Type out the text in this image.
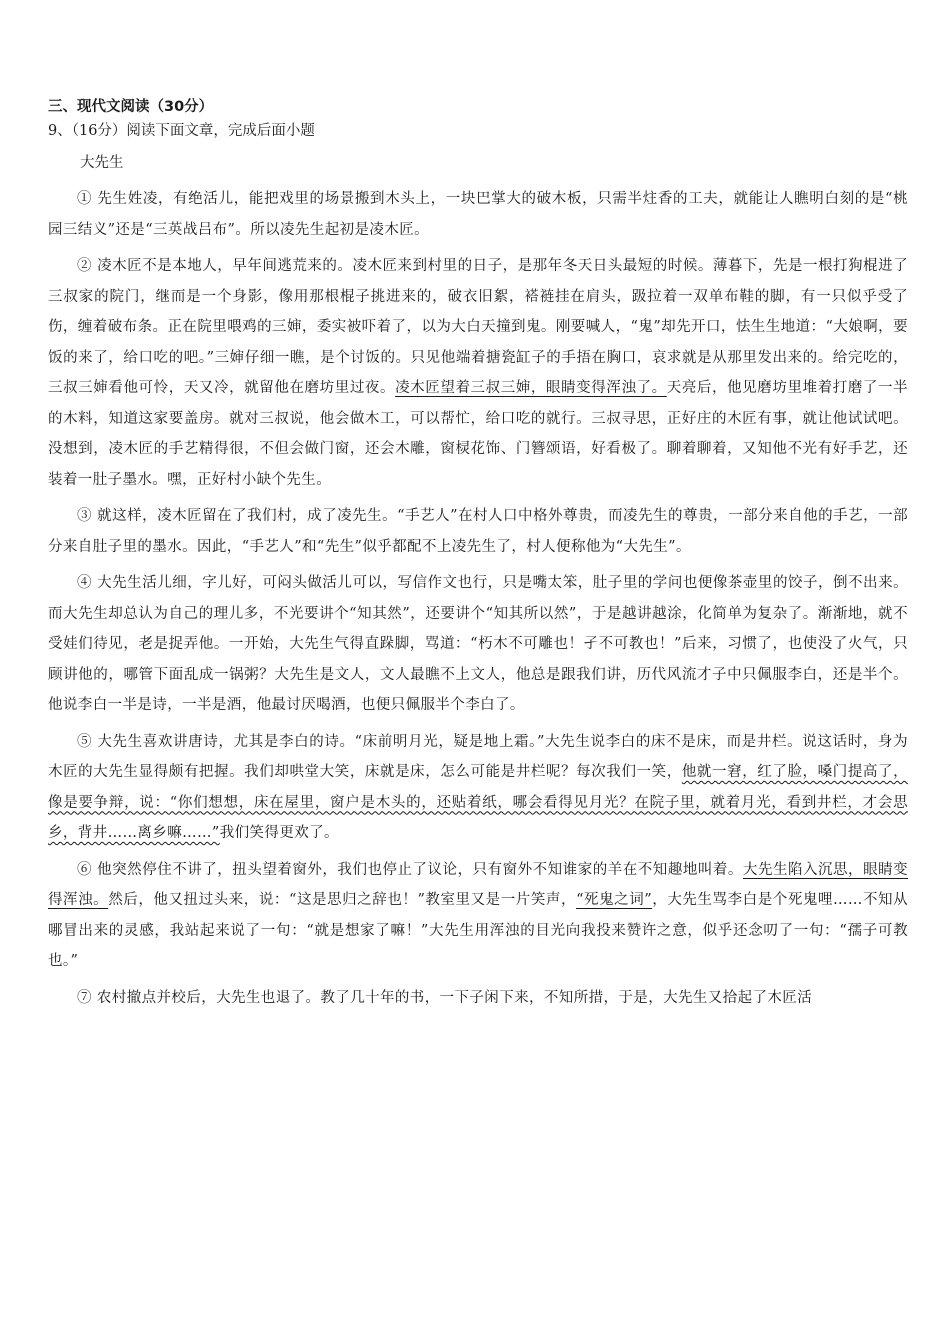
三、现代文阅读（30分）

9、（16分）阅读下面文章，完成后面小题

大先生

① 先生姓凌，有绝活儿，能把戏里的场景搬到木头上，一块巴掌大的破木板，只需半炷香的工夫，就能让人瞧明白刻的是“桃园三结义”还是“三英战吕布”。所以凌先生起初是凌木匠。

② 凌木匠不是本地人，早年间逃荒来的。凌木匠来到村里的日子，是那年冬天日头最短的时候。薄暮下，先是一根打狗棍进了三叔家的院门，继而是一个身影，像用那根棍子挑进来的，破衣旧絮，褡裢挂在肩头，趿拉着一双单布鞋的脚，有一只似乎受了伤，缠着破布条。正在院里喂鸡的三婶，委实被吓着了，以为大白天撞到鬼。刚要喊人，“鬼”却先开口，怯生生地道：“大娘啊，要饭的来了，给口吃的吧。”三婶仔细一瞧，是个讨饭的。只见他端着搪瓷缸子的手捂在胸口，哀求就是从那里发出来的。给完吃的，三叔三婶看他可怜，天又冷，就留他在磨坊里过夜。凌木匠望着三叔三婶，眼睛变得浑浊了。天亮后，他见磨坊里堆着打磨了一半的木料，知道这家要盖房。就对三叔说，他会做木工，可以帮忙，给口吃的就行。三叔寻思，正好庄的木匠有事，就让他试试吧。没想到，凌木匠的手艺精得很，不但会做门窗，还会木雕，窗棂花饰、门簪颂语，好看极了。聊着聊着，又知他不光有好手艺，还装着一肚子墨水。嘿，正好村小缺个先生。

③ 就这样，凌木匠留在了我们村，成了凌先生。“手艺人”在村人口中格外尊贵，而凌先生的尊贵，一部分来自他的手艺，一部分来自肚子里的墨水。因此，“手艺人”和“先生”似乎都配不上凌先生了，村人便称他为“大先生”。

④ 大先生活儿细，字儿好，可闷头做活儿可以，写信作文也行，只是嘴太笨，肚子里的学问也便像茶壶里的饺子，倒不出来。而大先生却总认为自己的理儿多，不光要讲个“知其然”，还要讲个“知其所以然”，于是越讲越涂，化简单为复杂了。渐渐地，就不受娃们待见，老是捉弄他。一开始，大先生气得直跺脚，骂道：“朽木不可雕也！孑不可教也！”后来，习惯了，也使没了火气，只顾讲他的，哪管下面乱成一锅粥？大先生是文人，文人最瞧不上文人，他总是跟我们讲，历代风流才子中只佩服李白，还是半个。他说李白一半是诗，一半是酒，他最讨厌喝酒，也便只佩服半个李白了。

⑤ 大先生喜欢讲唐诗，尤其是李白的诗。“床前明月光，疑是地上霜。”大先生说李白的床不是床，而是井栏。说这话时，身为木匠的大先生显得颇有把握。我们却哄堂大笑，床就是床，怎么可能是井栏呢？每次我们一笑，他就一窘，红了脸，嗓门提高了，像是要争辩，说：“你们想想，床在屋里，窗户是木头的，还贴着纸，哪会看得见月光？在院子里，就着月光，看到井栏，才会思乡，背井……离乡嘛……”我们笑得更欢了。

⑥ 他突然停住不讲了，扭头望着窗外，我们也停止了议论，只有窗外不知谁家的羊在不知趣地叫着。大先生陷入沉思，眼睛变得浑浊。然后，他又扭过头来，说：“这是思归之辞也！”教室里又是一片笑声，“死鬼之词”，大先生骂李白是个死鬼哩……不知从哪冒出来的灵感，我站起来说了一句：“就是想家了嘛！”大先生用浑浊的目光向我投来赞许之意，似乎还念叨了一句：“孺子可教也。”

⑦ 农村撤点并校后，大先生也退了。教了几十年的书，一下子闲下来，不知所措，于是，大先生又拾起了木匠活
